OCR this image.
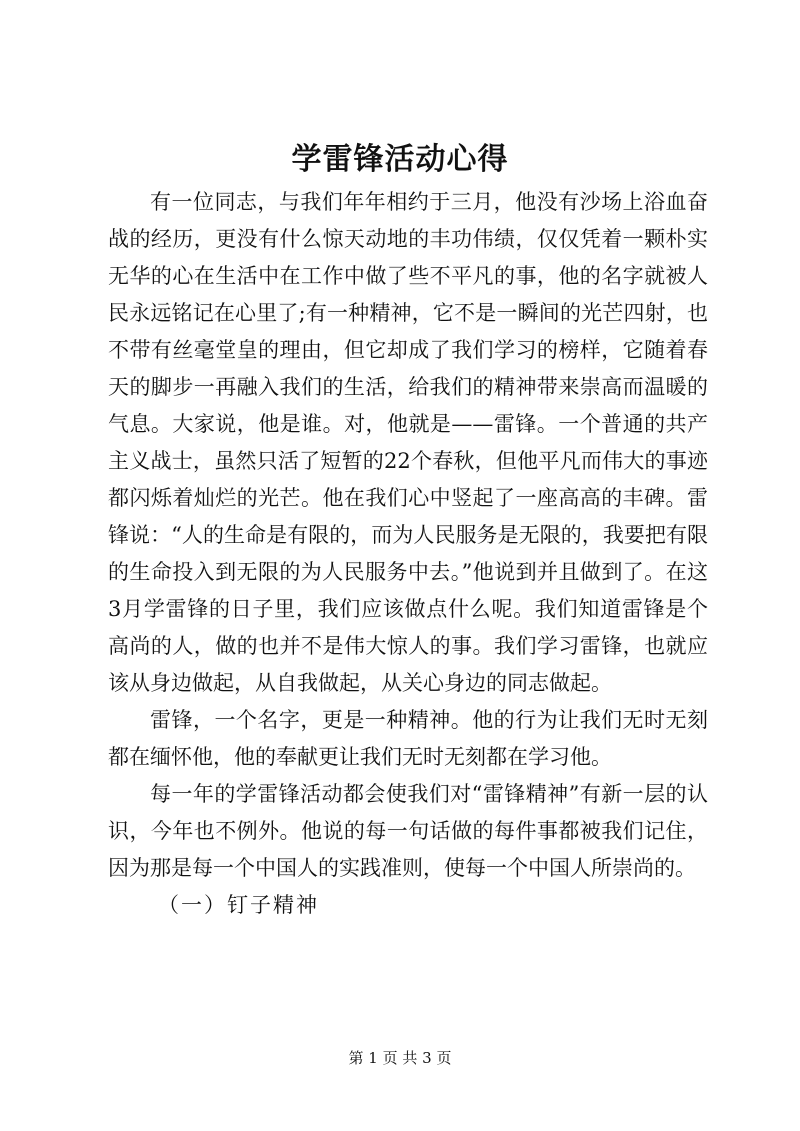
学雷锋活动心得

有一位同志，与我们年年相约于三月，他没有沙场上浴血奋战的经历，更没有什么惊天动地的丰功伟绩，仅仅凭着一颗朴实无华的心在生活中在工作中做了些不平凡的事，他的名字就被人民永远铭记在心里了;有一种精神，它不是一瞬间的光芒四射，也不带有丝毫堂皇的理由，但它却成了我们学习的榜样，它随着春天的脚步一再融入我们的生活，给我们的精神带来崇高而温暖的气息。大家说，他是谁。对，他就是——雷锋。一个普通的共产主义战士，虽然只活了短暂的22个春秋，但他平凡而伟大的事迹都闪烁着灿烂的光芒。他在我们心中竖起了一座高高的丰碑。雷锋说：“人的生命是有限的，而为人民服务是无限的，我要把有限的生命投入到无限的为人民服务中去。”他说到并且做到了。在这3月学雷锋的日子里，我们应该做点什么呢。我们知道雷锋是个高尚的人，做的也并不是伟大惊人的事。我们学习雷锋，也就应该从身边做起，从自我做起，从关心身边的同志做起。

雷锋，一个名字，更是一种精神。他的行为让我们无时无刻都在缅怀他，他的奉献更让我们无时无刻都在学习他。

每一年的学雷锋活动都会使我们对“雷锋精神”有新一层的认识，今年也不例外。他说的每一句话做的每件事都被我们记住，因为那是每一个中国人的实践准则，使每一个中国人所崇尚的。

（一）钉子精神

第 1 页 共 3 页
